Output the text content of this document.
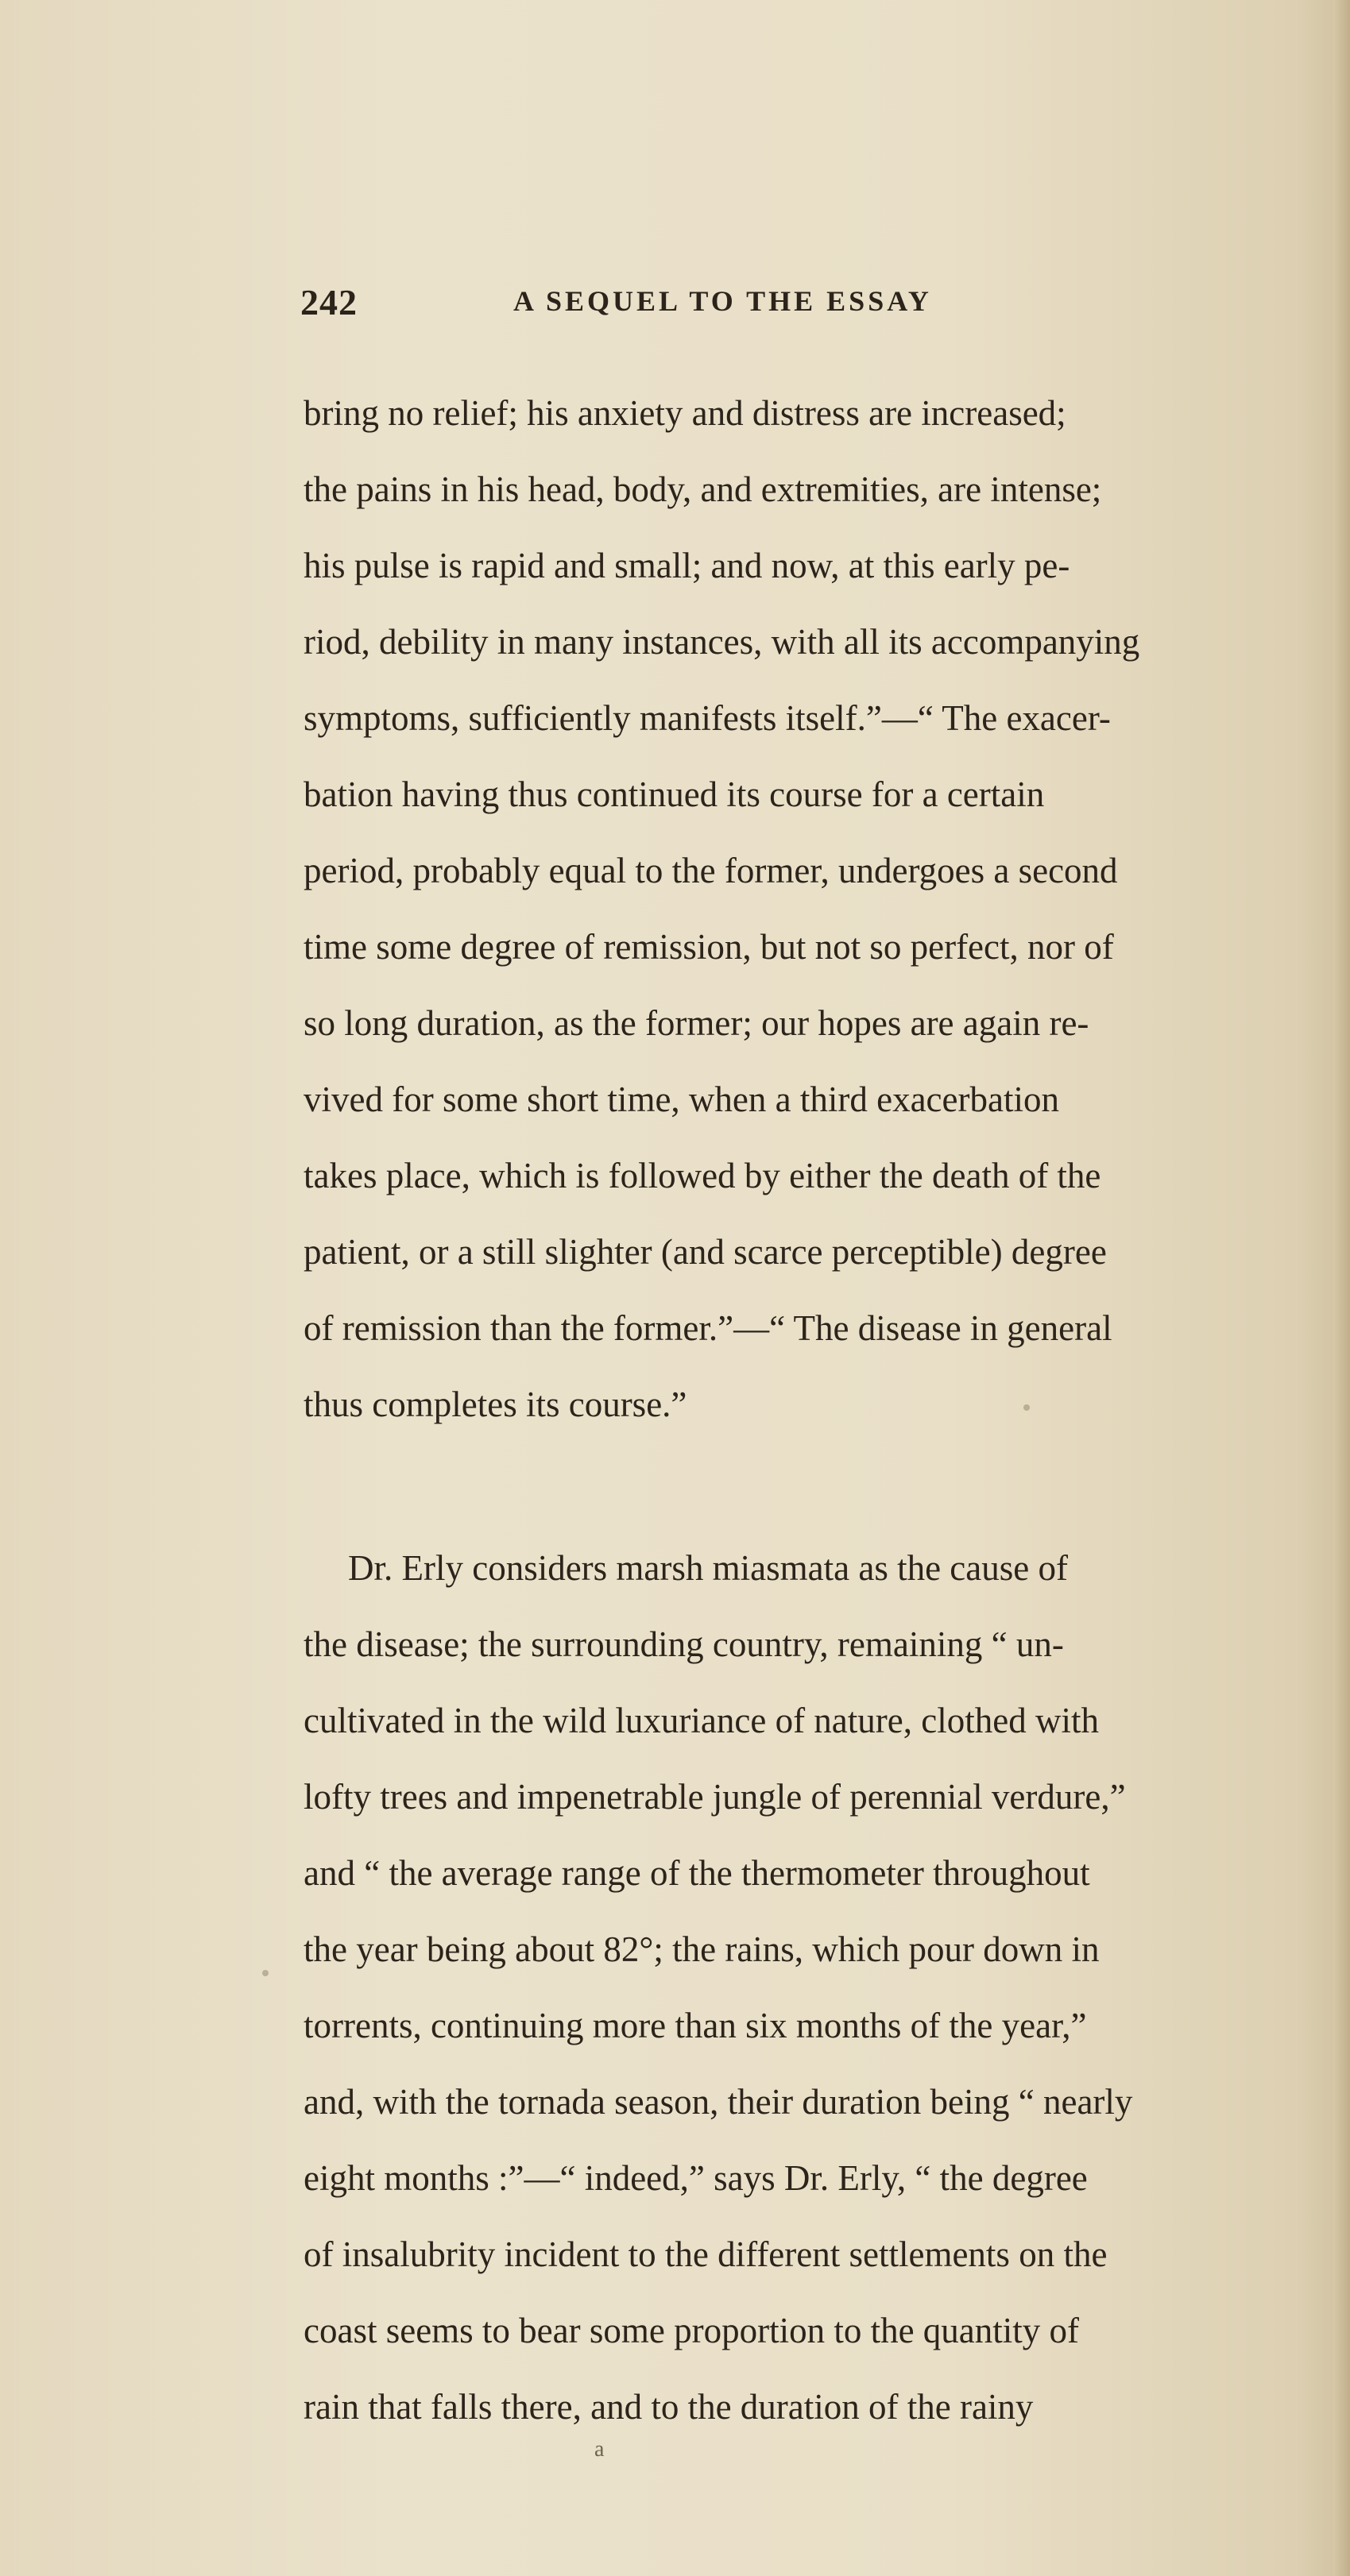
242	A SEQUEL TO THE ESSAY
bring no relief; his anxiety and distress are increased;
the pains in his head, body, and extremities, are intense;
his pulse is rapid and small; and now, at this early pe-
riod, debility in many instances, with all its accompanying
symptoms, sufficiently manifests itself.”—“ The exacer-
bation having thus continued its course for a certain
period, probably equal to the former, undergoes a second
time some degree of remission, but not so perfect, nor of
so long duration, as the former; our hopes are again re-
vived for some short time, when a third exacerbation
takes place, which is followed by either the death of the
patient, or a still slighter (and scarce perceptible) degree
of remission than the former.”—“ The disease in general
thus completes its course.”
Dr. Erly considers marsh miasmata as the cause of
the disease; the surrounding country, remaining “ un-
cultivated in the wild luxuriance of nature, clothed with
lofty trees and impenetrable jungle of perennial verdure,”
and “ the average range of the thermometer throughout
the year being about 82°; the rains, which pour down in
torrents, continuing more than six months of the year,”
and, with the tornada season, their duration being “ nearly
eight months :”—“ indeed,” says Dr. Erly, “ the degree
of insalubrity incident to the different settlements on the
coast seems to bear some proportion to the quantity of
rain that falls there, and to the duration of the rainy
a
